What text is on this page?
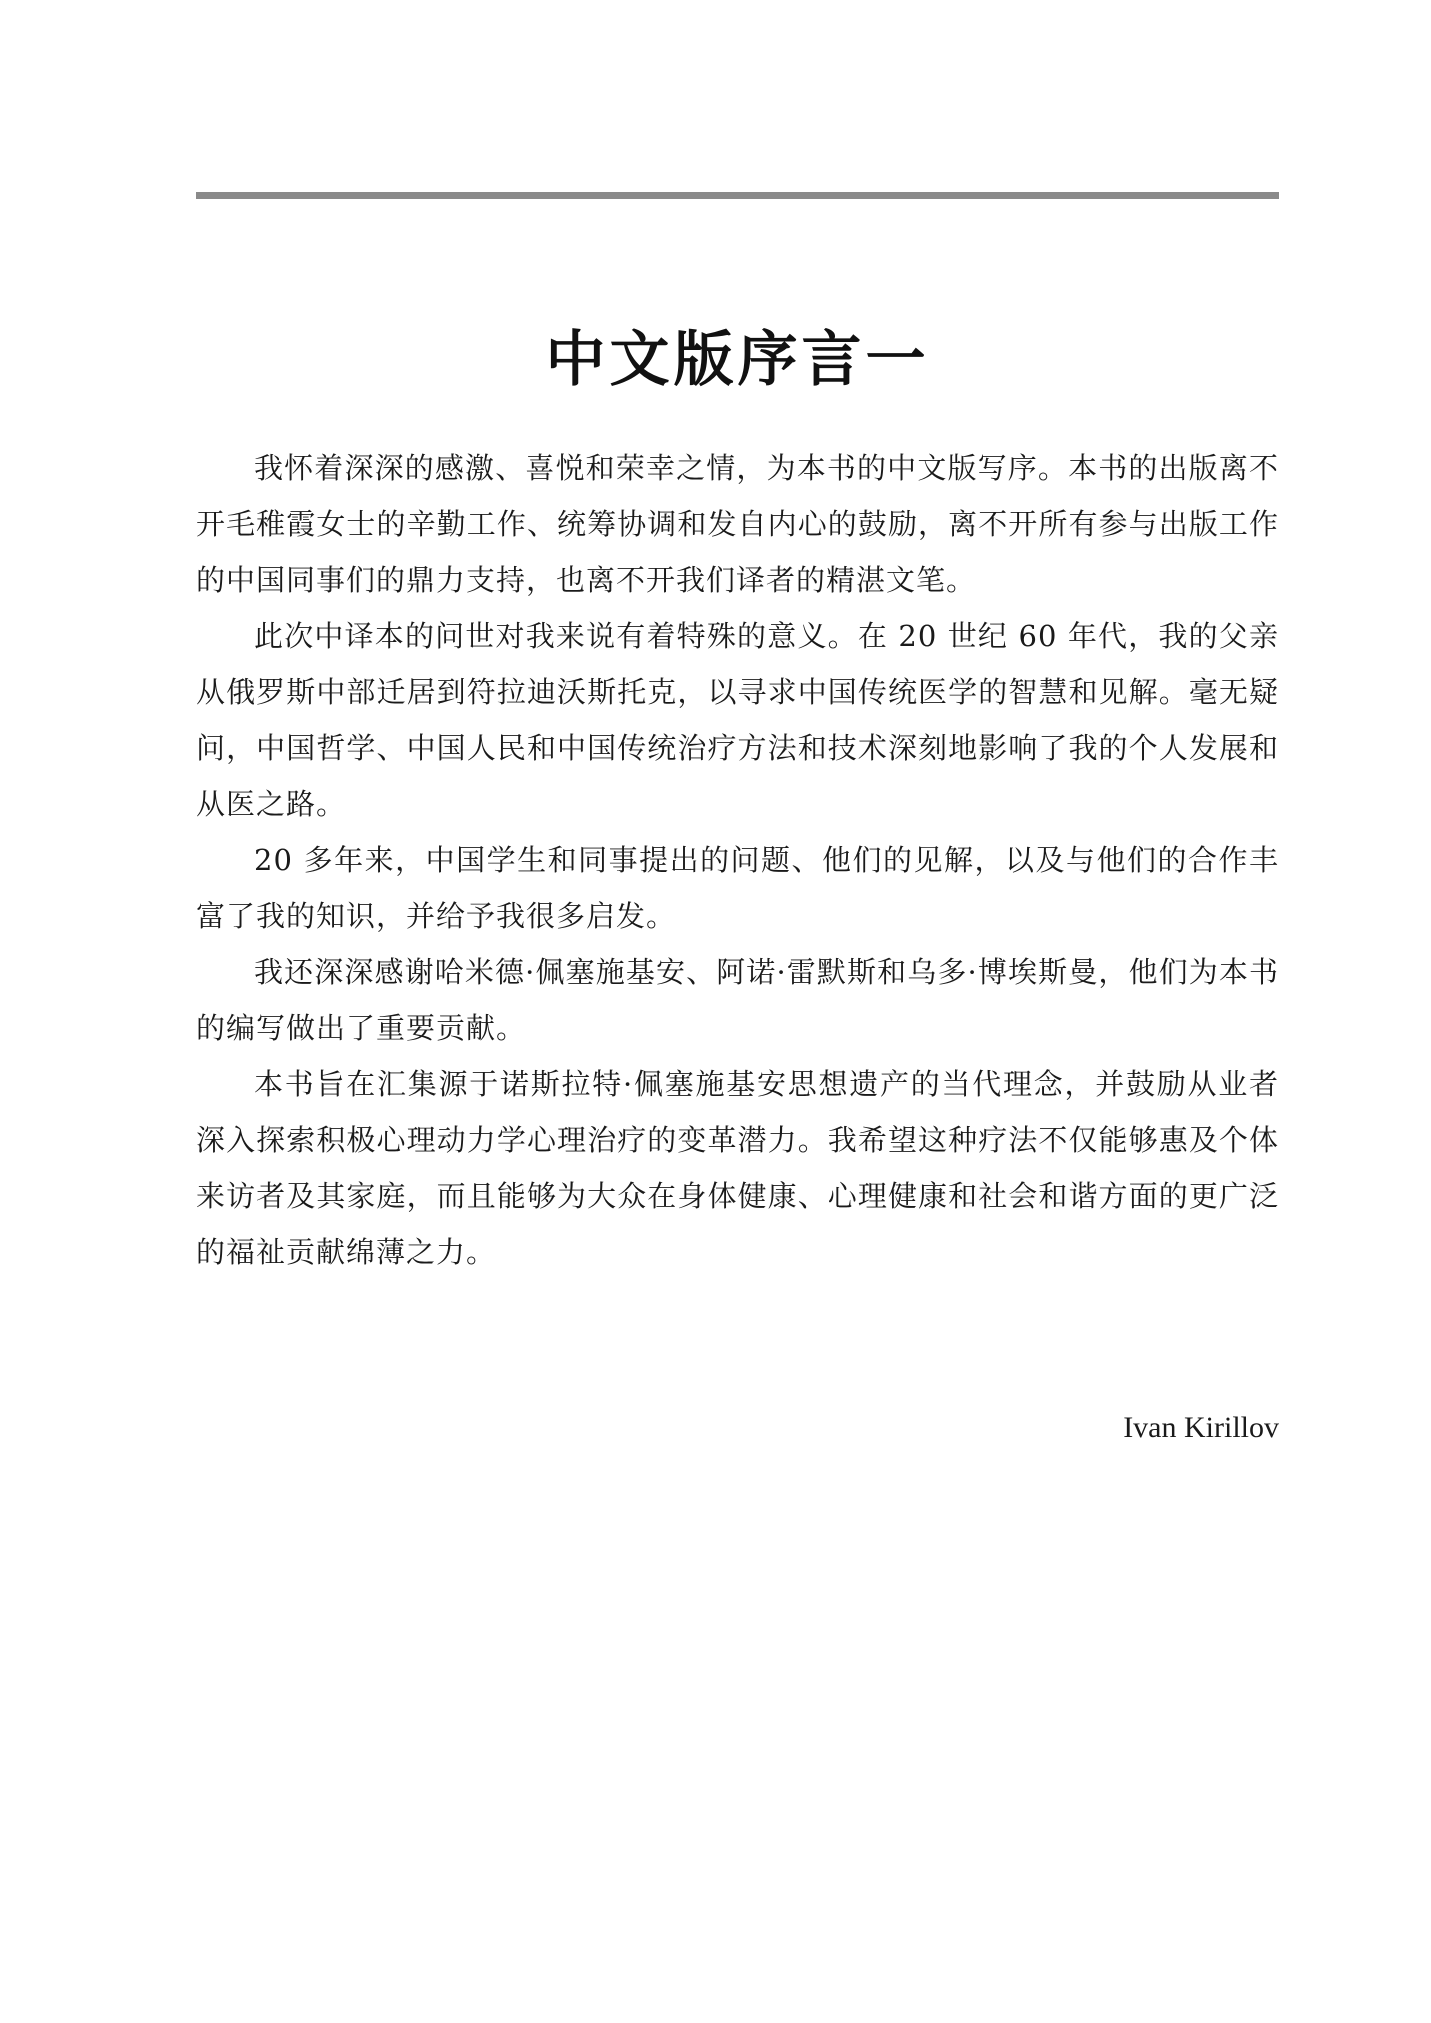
中文版序言一

我怀着深深的感激、喜悦和荣幸之情，为本书的中文版写序。本书的出版离不开毛稚霞女士的辛勤工作、统筹协调和发自内心的鼓励，离不开所有参与出版工作的中国同事们的鼎力支持，也离不开我们译者的精湛文笔。

此次中译本的问世对我来说有着特殊的意义。在 20 世纪 60 年代，我的父亲从俄罗斯中部迁居到符拉迪沃斯托克，以寻求中国传统医学的智慧和见解。毫无疑问，中国哲学、中国人民和中国传统治疗方法和技术深刻地影响了我的个人发展和从医之路。

20 多年来，中国学生和同事提出的问题、他们的见解，以及与他们的合作丰富了我的知识，并给予我很多启发。

我还深深感谢哈米德·佩塞施基安、阿诺·雷默斯和乌多·博埃斯曼，他们为本书的编写做出了重要贡献。

本书旨在汇集源于诺斯拉特·佩塞施基安思想遗产的当代理念，并鼓励从业者深入探索积极心理动力学心理治疗的变革潜力。我希望这种疗法不仅能够惠及个体来访者及其家庭，而且能够为大众在身体健康、心理健康和社会和谐方面的更广泛的福祉贡献绵薄之力。

Ivan Kirillov
